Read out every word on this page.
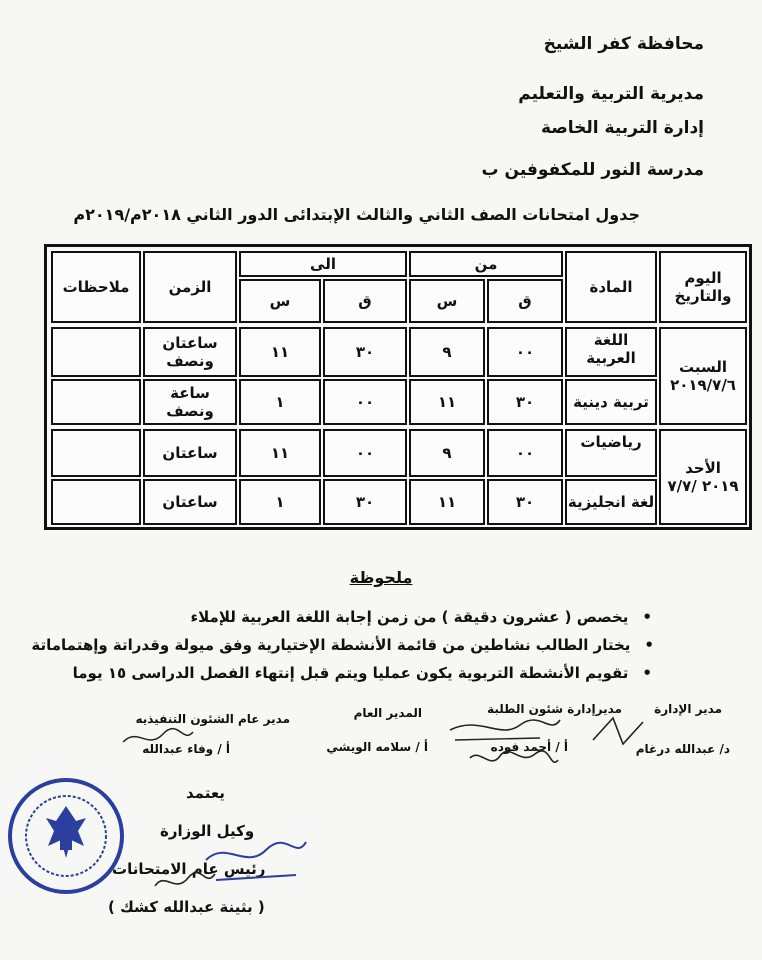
محافظة كفر الشيخ
مديرية التربية والتعليم
إدارة التربية الخاصة
مدرسة النور للمكفوفين ب
جدول امتحانات الصف الثاني والثالث الإبتدائى الدور الثاني ٢٠١٨م/٢٠١٩م
اليوم والتاريخ
المادة
من
ق
س
الى
ق
س
الزمن
ملاحظات
السبت
٢٠١٩/٧/٦
الأحد
٢٠١٩ /٧/٧
اللغة العربية
٠٠
٩
٣٠
١١
ساعتان ونصف
تربية دينية
٣٠
١١
٠٠
١
ساعة ونصف
رياضيات
٠٠
٩
٠٠
١١
ساعتان
لغة انجليزية
٣٠
١١
٣٠
١
ساعتان
ملحوظة
• يخصص ( عشرون دقيقة ) من زمن إجابة اللغة العربية للإملاء
• يختار الطالب نشاطين من قائمة الأنشطة الإختيارية وفق ميولة وقدراتة وإهتماماتة
• تقويم الأنشطة التربوية يكون عمليا ويتم قبل إنتهاء الفصل الدراسى ١٥ يوما
مدير الإدارة
د/ عبدالله درغام
مديرإدارة شئون الطلبة
أ / أحمد فوده
المدير العام
أ / سلامه الويشي
مدير عام الشئون التنفيذيه
أ / وفاء عبدالله
يعتمد
وكيل الوزارة
رئيس عام الامتحانات
( بثينة عبدالله كشك )
